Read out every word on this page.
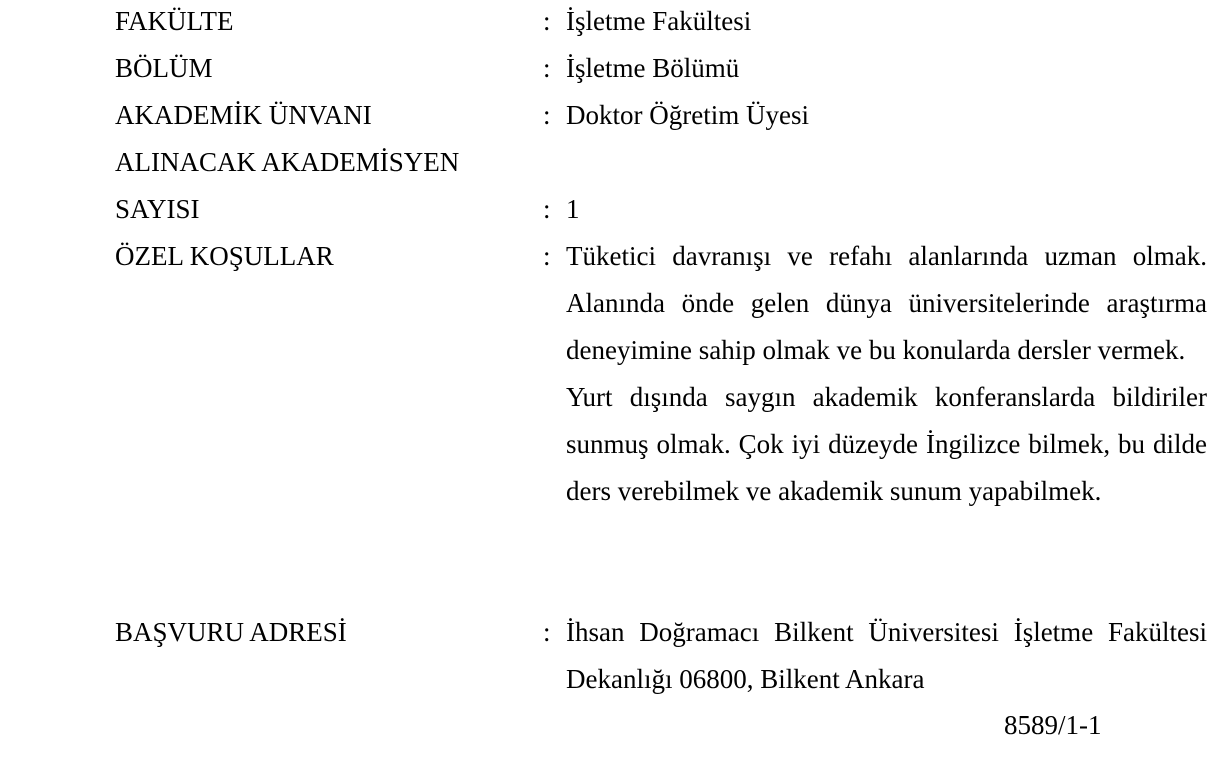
FAKÜLTE	: İşletme Fakültesi
BÖLÜM	: İşletme Bölümü
AKADEMİK ÜNVANI	: Doktor Öğretim Üyesi
ALINACAK AKADEMİSYEN
SAYISI	: 1
ÖZEL KOŞULLAR	: Tüketici davranışı ve refahı alanlarında uzman olmak. Alanında önde gelen dünya üniversitelerinde araştırma deneyimine sahip olmak ve bu konularda dersler vermek.
Yurt dışında saygın akademik konferanslarda bildiriler sunmuş olmak. Çok iyi düzeyde İngilizce bilmek, bu dilde ders verebilmek ve akademik sunum yapabilmek.
BAŞVURU ADRESİ	: İhsan Doğramacı Bilkent Üniversitesi İşletme Fakültesi Dekanlığı 06800, Bilkent Ankara
8589/1-1
